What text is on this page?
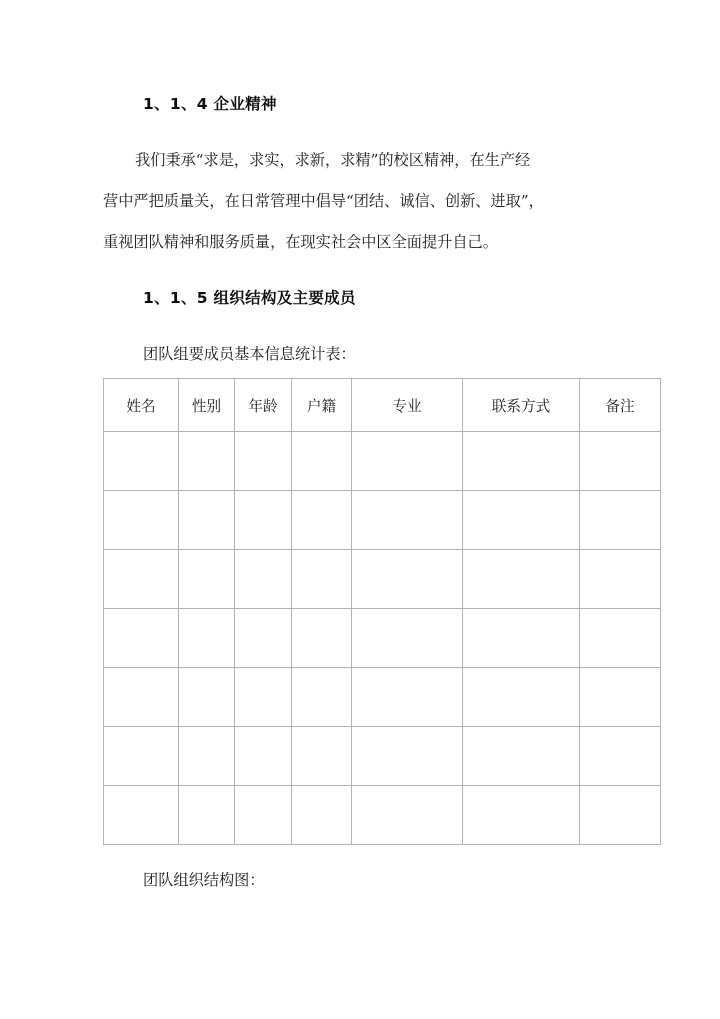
1、1、4 企业精神
我们秉承“求是，求实，求新，求精”的校区精神，在生产经
营中严把质量关，在日常管理中倡导“团结、诚信、创新、进取”，
重视团队精神和服务质量，在现实社会中区全面提升自己。
1、1、5 组织结构及主要成员
团队组要成员基本信息统计表：
姓名	性别	年龄	户籍	专业	联系方式	备注

团队组织结构图：
